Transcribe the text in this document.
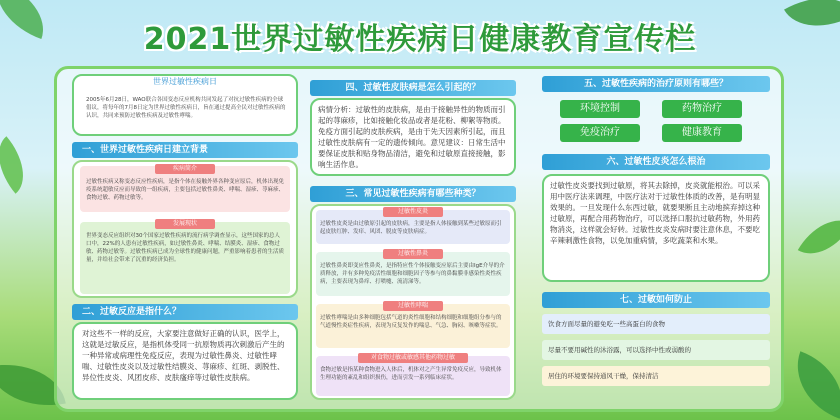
2021世界过敏性疾病日健康教育宣传栏
世界过敏性疾病日
2005年6月28日，WAO联合各国变态反应机构共同发起了对抗过敏性疾病的全球倡议，将每年的7月8日定为世界过敏性疾病日，旨在通过提高全民对过敏性疾病的认识，共同来预防过敏性疾病及过敏性哮喘。
一、世界过敏性疾病日建立背景
疾病简介
过敏性疾病又称变态反应性疾病，是指个体在接触外界各种变应原后，机体出现免疫系统超敏反应而导致的一组疾病，主要包括过敏性鼻炎、哮喘、湿疹、荨麻疹、食物过敏、药物过敏等。
发展现状
世界变态反应组织对30个国家过敏性疾病的流行病学调查显示，这些国家的总人口中，22%的人患有过敏性疾病，如过敏性鼻炎、哮喘、结膜炎、湿疹、食物过敏、药物过敏等。过敏性疾病已成为全球性的健康问题，严重影响着患者的生活质量，并给社会带来了沉重的经济负担。
二、过敏反应是指什么？
对这些不一样的反应，大家要注意做好正确的认识，医学上，这就是过敏反应，是指机体受同一抗原物质再次刺激后产生的一种异常或病理性免疫反应，表现为过敏性鼻炎、过敏性哮喘、过敏性皮炎以及过敏性结膜炎、荨麻疹、红斑、剥脱性、异位性皮炎、风团皮疹、皮肤瘙痒等过敏性皮肤病。
四、过敏性皮肤病是怎么引起的？
病情分析：过敏性的皮肤病，是由于接触异性的物质而引起的荨麻疹，比如接触化妆品或者是花粉、柳絮等物质。免疫方面引起的皮肤疾病，是由于先天因素所引起，而且过敏性皮肤病有一定的遗传倾向。意见建议：日常生活中要保证皮肤和贴身物品清洁，避免和过敏原直接接触，影响生活作息。
三、常见过敏性疾病有哪些种类？
过敏性皮炎
过敏性皮炎是由过敏原引起的皮肤病，主要是指人体接触到某些过敏原而引起皮肤红肿、发痒、风团、脱皮等皮肤病症。
过敏性鼻炎
过敏性鼻炎即变应性鼻炎，是指特应性个体接触变应原后主要由IgE介导的介质释放，并有多种免疫活性细胞和细胞因子等参与的鼻黏膜非感染性炎性疾病，主要表现为鼻痒、打喷嚏、流清涕等。
过敏性哮喘
过敏性哮喘是由多种细胞包括气道的炎性细胞和结构细胞和细胞组分参与的气道慢性炎症性疾病，表现为反复发作的喘息、气急、胸闷、咳嗽等症状。
对食物过敏或敏感其他药物过敏
食物过敏是指某种食物进入人体后，机体对之产生异常免疫反应，导致机体生理功能的紊乱和组织损伤，进而引发一系列临床症状。
五、过敏性疾病的治疗原则有哪些？
环境控制	药物治疗
免疫治疗	健康教育
六、过敏性皮炎怎么根治
过敏性皮炎要找到过敏原，将其去除掉，皮炎就能根治。可以采用中医疗法来调理，中医疗法对于过敏性体质的改善，是有明显效果的。一旦发现什么东西过敏，就要果断且主动地摈弃掉这种过敏原，再配合用药物治疗，可以选择口服抗过敏药物，外用药物消炎，这样就会好转。过敏性皮炎发病时要注意休息，不要吃辛辣刺激性食物，以免加重病情，多吃蔬菜和水果。
七、过敏如何防止
饮食方面尽量的避免吃一些高蛋白的食物
尽量不要用碱性的沐浴露，可以选择中性或弱酸的
居住的环境要保持通风干燥，保持清洁
